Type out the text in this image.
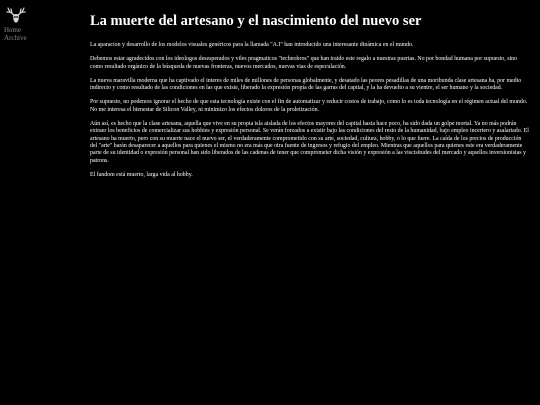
Home
Archive
La muerte del artesano y el nascimiento del nuevo ser

La aparacion y desarrollo de los modelos visuales genéricos para la llamada "A.I" han introducido una interesante dinámica en el mundo.

Debemos estar agradecidos con los ideologos desesperados y viles pragmaticos "technobros" que han traido este regalo a nuestras puertas. No por bondad humana por supuesto, sino como resultado orgánico de la búsqueda de nuevas fronteras, nuevos mercados, nuevas vias de especulación.

La nueva maravilla moderna que ha captivado el interes de miles de millones de personas globalmente, y desatado las peores pesadillas de una moribunda clase artesana ha, por medio indirecto y como resultado de las condiciones en las que existe, liberado la expresión propia de las garras del capital, y la ha devuelto a su vientre, el ser humano y la sociedad.

Por supuesto, no podemos ignorar el hecho de que esta tecnología existe con el fin de automatizar y reducir costos de trabajo, como lo es toda tecnología en el régimen actual del mundo. No me interesa el bienestar de Silicon Valley, ni minimizo los efectos doloros de la proletización.

Aún así, es hecho que la clase artesana, aquella que vive en su propia isla aislada de los efectos mayores del capital hasta hace poco, ha sido dada un golpe mortal. Ya no más podrán extraer los beneficios de comercializar sus hobbies y expresión personal. Se verán forzados a existir bajo las condiciones del resto de la humanidad, bajo empleo incertero y asalariado. El artesano ha muerto, pero con su muerte nace el nuevo ser, el verdaderamente comprometido con su arte, sociedad, cultura, hobby, o lo que fuere. La caída de los precios de producción del "arte" harán desaparecer a aquellos para quienes el mismo no era más que otra fuente de ingresos y refugio del empleo. Mientras que aquellos para quienes este era verdaderamente parte de su identidad o expresión personal han sido liberados de las cadenas de tener que comprometer dicha visión y expresión a las viscisitudes del mercado y aquellos inversionistas y patrons.

El fandom está muerto, larga vida al hobby.
